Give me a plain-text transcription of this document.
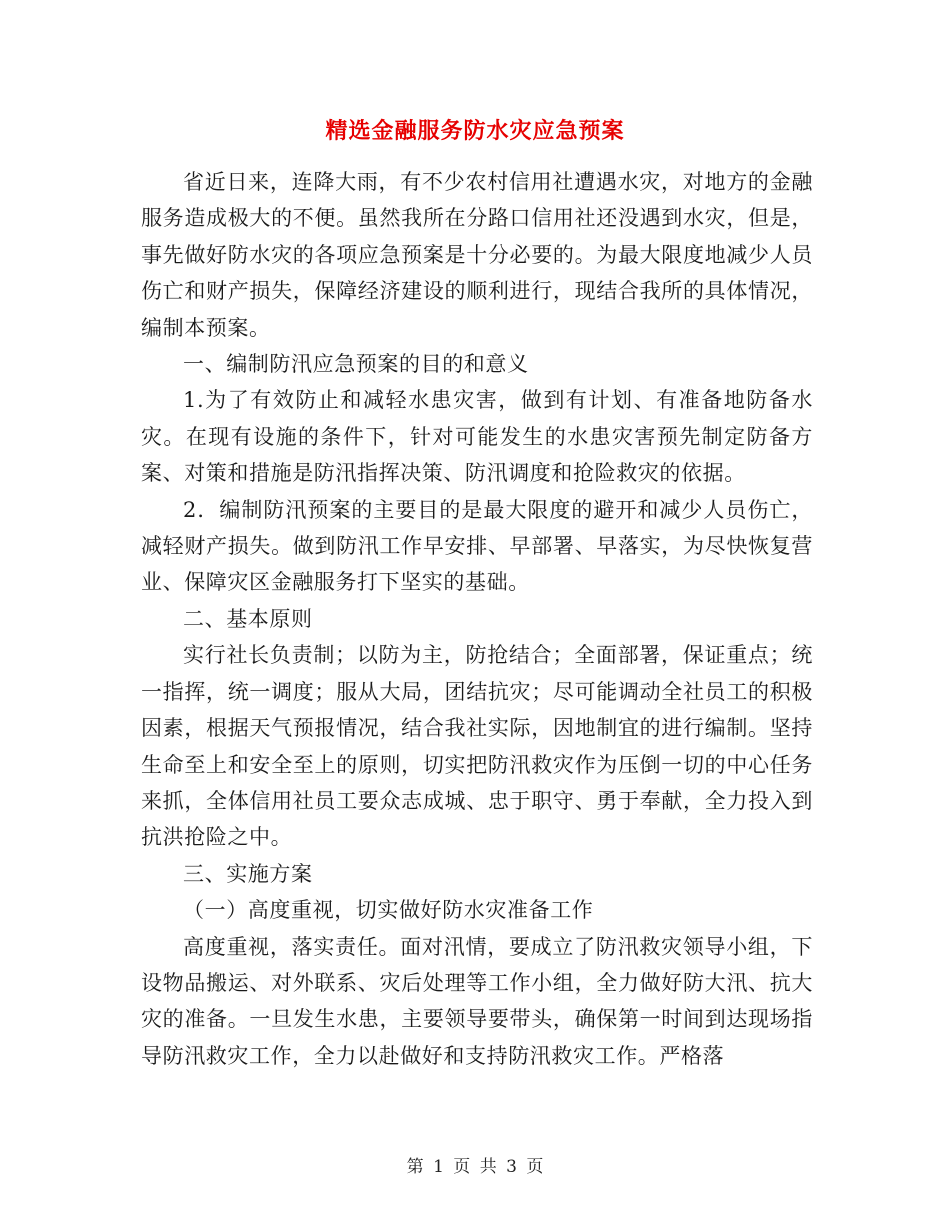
精选金融服务防水灾应急预案

省近日来，连降大雨，有不少农村信用社遭遇水灾，对地方的金融服务造成极大的不便。虽然我所在分路口信用社还没遇到水灾，但是，事先做好防水灾的各项应急预案是十分必要的。为最大限度地减少人员伤亡和财产损失，保障经济建设的顺利进行，现结合我所的具体情况，编制本预案。

一、编制防汛应急预案的目的和意义

1.为了有效防止和减轻水患灾害，做到有计划、有准备地防备水灾。在现有设施的条件下，针对可能发生的水患灾害预先制定防备方案、对策和措施是防汛指挥决策、防汛调度和抢险救灾的依据。

2．编制防汛预案的主要目的是最大限度的避开和减少人员伤亡，减轻财产损失。做到防汛工作早安排、早部署、早落实，为尽快恢复营业、保障灾区金融服务打下坚实的基础。

二、基本原则

实行社长负责制；以防为主，防抢结合；全面部署，保证重点；统一指挥，统一调度；服从大局，团结抗灾；尽可能调动全社员工的积极因素，根据天气预报情况，结合我社实际，因地制宜的进行编制。坚持生命至上和安全至上的原则，切实把防汛救灾作为压倒一切的中心任务来抓，全体信用社员工要众志成城、忠于职守、勇于奉献，全力投入到抗洪抢险之中。

三、实施方案

（一）高度重视，切实做好防水灾准备工作

高度重视，落实责任。面对汛情，要成立了防汛救灾领导小组，下设物品搬运、对外联系、灾后处理等工作小组，全力做好防大汛、抗大灾的准备。一旦发生水患，主要领导要带头，确保第一时间到达现场指导防汛救灾工作，全力以赴做好和支持防汛救灾工作。严格落

第 1 页 共 3 页
